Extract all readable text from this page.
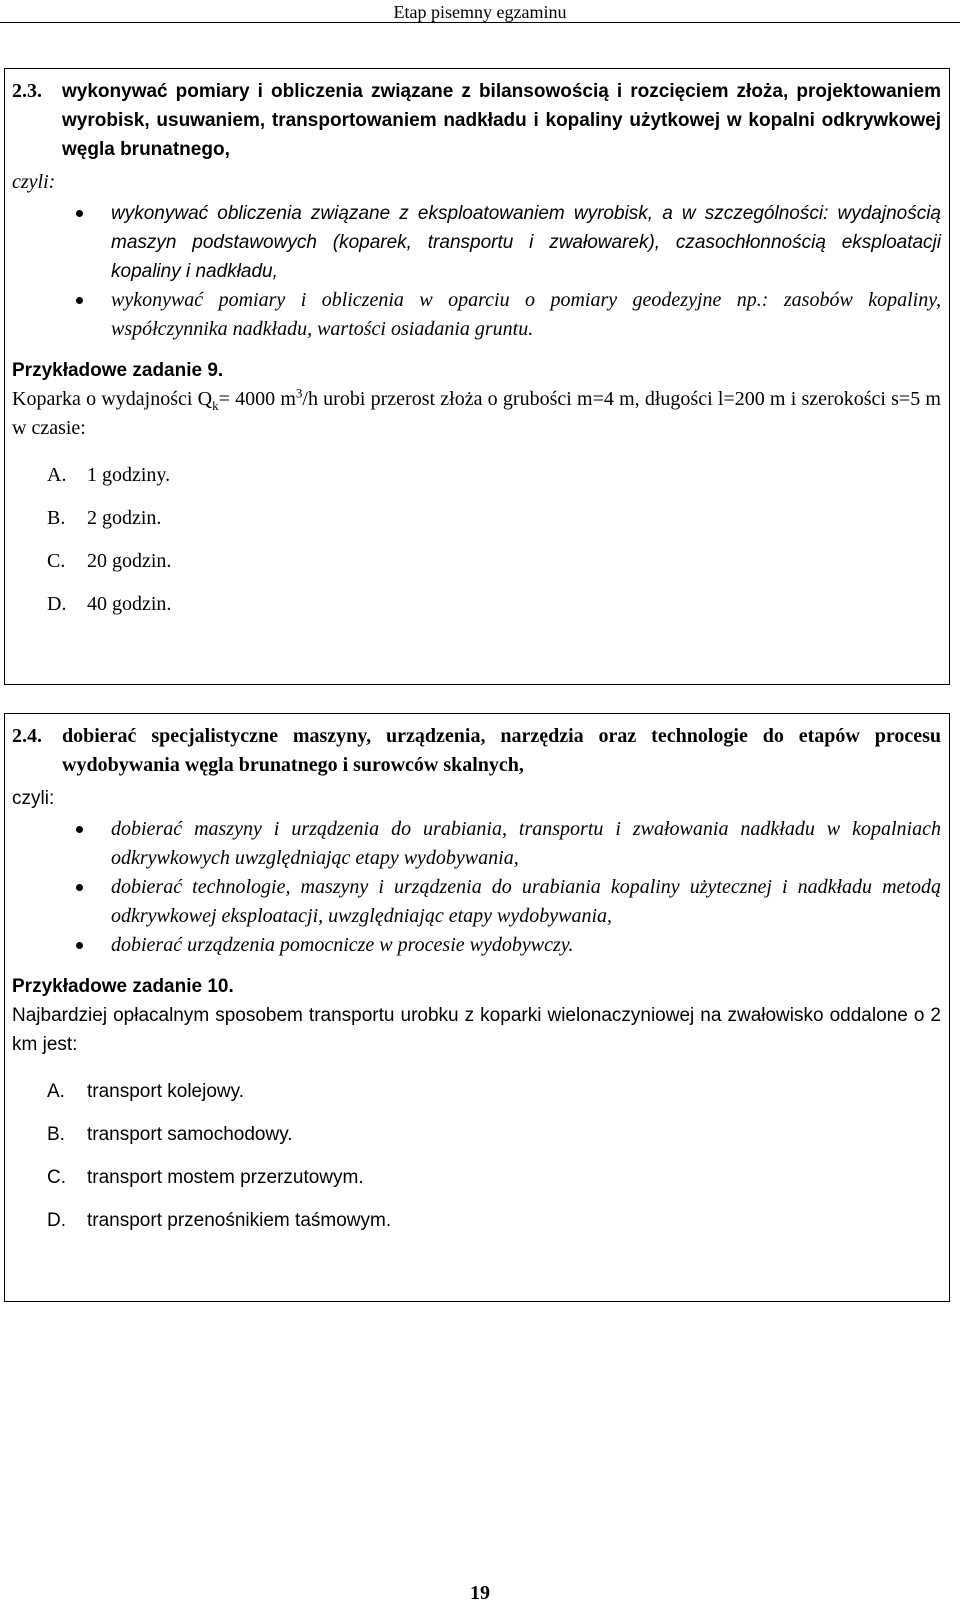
Etap pisemny egzaminu
2.3.	wykonywać pomiary i obliczenia związane z bilansowością i rozcięciem złoża, projektowaniem wyrobisk, usuwaniem, transportowaniem nadkładu i kopaliny użytkowej w kopalni odkrywkowej węgla brunatnego,
czyli:
wykonywać obliczenia związane z eksploatowaniem wyrobisk, a w szczególności: wydajnością maszyn podstawowych (koparek, transportu i zwałowarek), czasochłonnością eksploatacji kopaliny i nadkładu,
wykonywać pomiary i obliczenia w oparciu o pomiary geodezyjne np.: zasobów kopaliny, współczynnika nadkładu, wartości osiadania gruntu.
Przykładowe zadanie 9.
Koparka o wydajności $Q_k= 4000$ $m^3/h$ urobi przerost złoża o grubości m=4 m, długości l=200 m i szerokości s=5 m w czasie:
A.	1 godziny.
B.	2 godzin.
C.	20 godzin.
D.	40 godzin.
2.4.	dobierać specjalistyczne maszyny, urządzenia, narzędzia oraz technologie do etapów procesu wydobywania węgla brunatnego i surowców skalnych,
czyli:
dobierać maszyny i urządzenia do urabiania, transportu i zwałowania nadkładu w kopalniach odkrywkowych uwzględniając etapy wydobywania,
dobierać technologie, maszyny i urządzenia do urabiania kopaliny użytecznej i nadkładu metodą odkrywkowej eksploatacji, uwzględniając etapy wydobywania,
dobierać urządzenia pomocnicze w procesie wydobywczy.
Przykładowe zadanie 10.
Najbardziej opłacalnym sposobem transportu urobku z koparki wielonaczyniowej na zwałowisko oddalone o 2 km jest:
A.	transport kolejowy.
B.	transport samochodowy.
C.	transport mostem przerzutowym.
D.	transport przenośnikiem taśmowym.
19
